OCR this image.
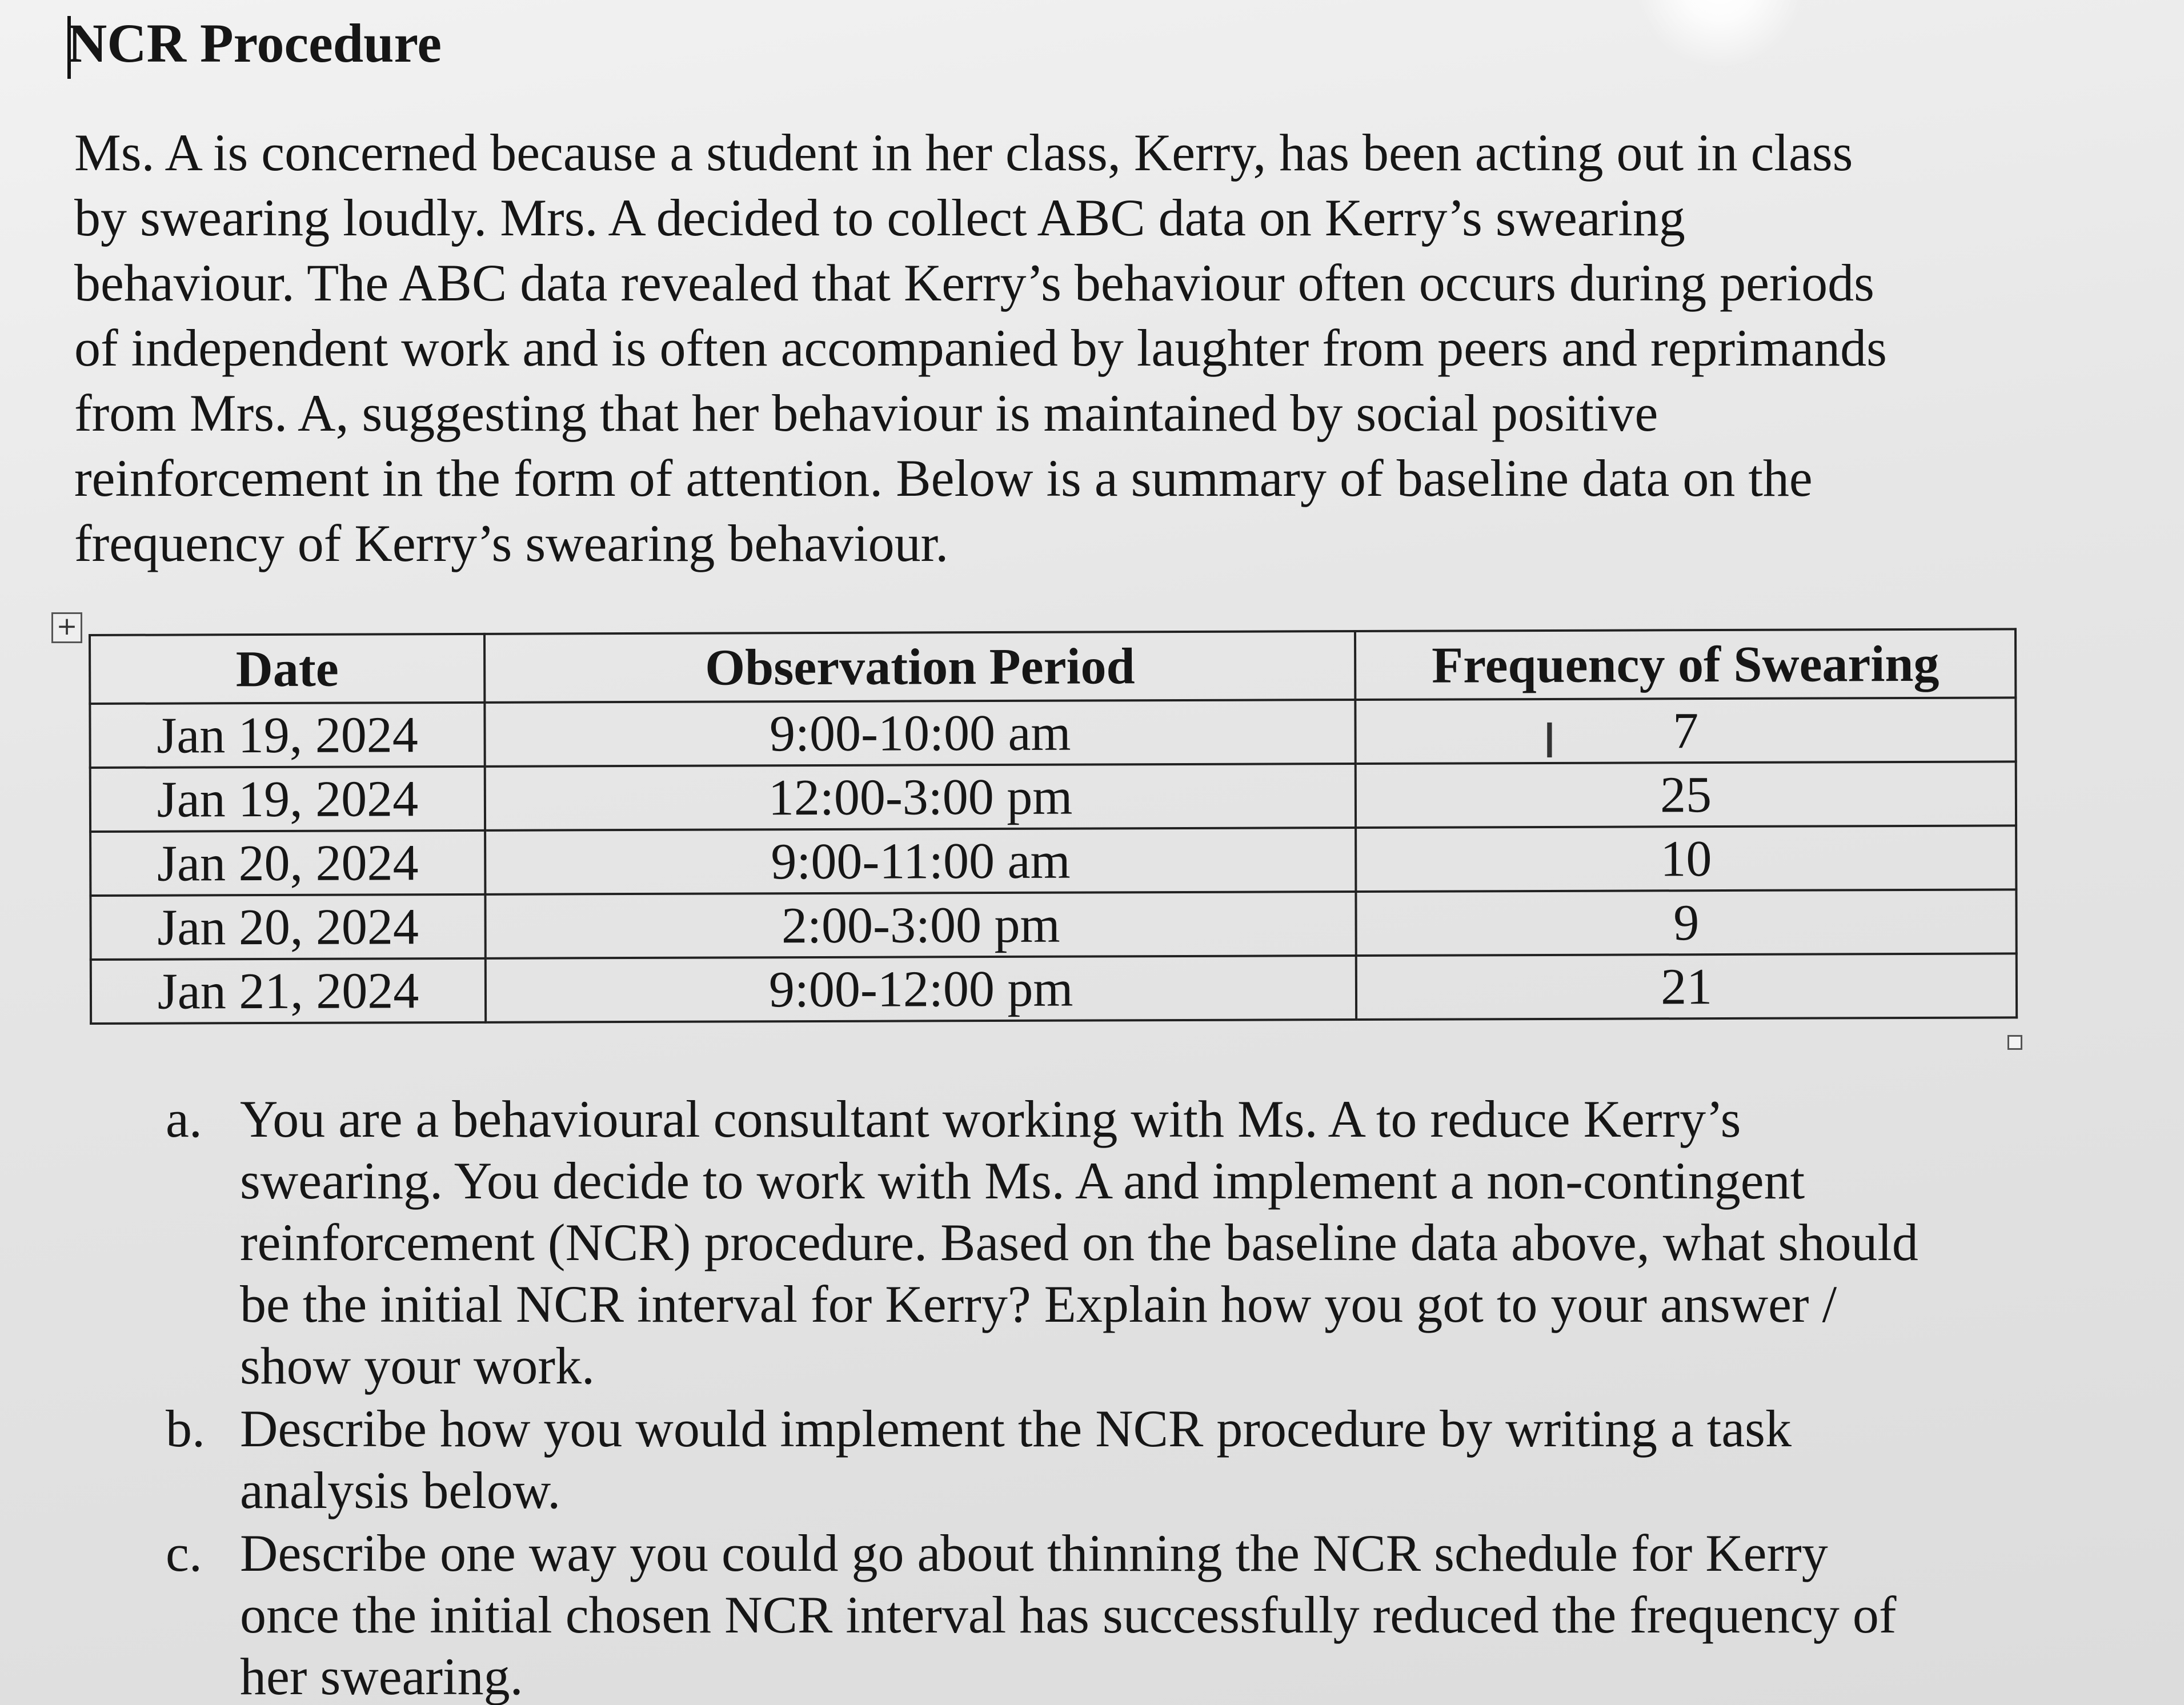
NCR Procedure
Ms. A is concerned because a student in her class, Kerry, has been acting out in class
by swearing loudly. Mrs. A decided to collect ABC data on Kerry’s swearing
behaviour. The ABC data revealed that Kerry’s behaviour often occurs during periods
of independent work and is often accompanied by laughter from peers and reprimands
from Mrs. A, suggesting that her behaviour is maintained by social positive
reinforcement in the form of attention. Below is a summary of baseline data on the
frequency of Kerry’s swearing behaviour.
+
Date	Observation Period	Frequency of Swearing
Jan 19, 2024	9:00-10:00 am	7
Jan 19, 2024	12:00-3:00 pm	25
Jan 20, 2024	9:00-11:00 am	10
Jan 20, 2024	2:00-3:00 pm	9
Jan 21, 2024	9:00-12:00 pm	21
I
a. You are a behavioural consultant working with Ms. A to reduce Kerry’s
swearing. You decide to work with Ms. A and implement a non-contingent
reinforcement (NCR) procedure. Based on the baseline data above, what should
be the initial NCR interval for Kerry? Explain how you got to your answer /
show your work.
b. Describe how you would implement the NCR procedure by writing a task
analysis below.
c. Describe one way you could go about thinning the NCR schedule for Kerry
once the initial chosen NCR interval has successfully reduced the frequency of
her swearing.
